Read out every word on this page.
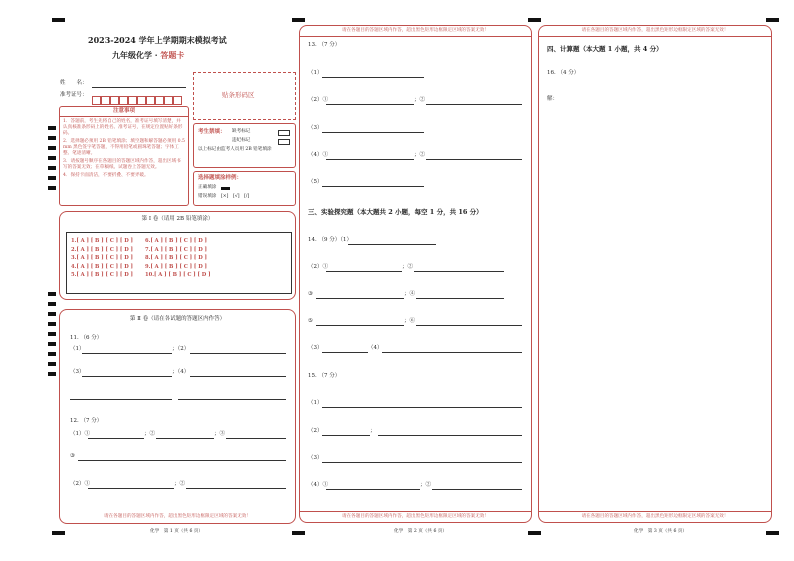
2023-2024 学年上学期期末模拟考试
九年级化学 · 答题卡
姓　　名：
准考证号：	贴条形码区
注意事项
1．答题前，考生先将自己的姓名，准考证号填写清楚，并认真核准条形码上的姓名、准考证号，在规定位置贴好条形码。
2．选择题必须用 2B 铅笔填涂；填空题和解答题必须用 0.5 mm 黑色签字笔答题，不得用铅笔或圆珠笔答题；字体工整、笔迹清晰。
3．请按题号顺序在各题目的答题区域内作答，超出区域书写的答案无效；在草稿纸、试题卷上答题无效。
4．保持卡面清洁，不要折叠、不要弄破。
考生禁填： 缺考标记
违纪标记
以上标记由监考人员用 2B 铅笔填涂
选择题填涂样例：
正确填涂
错误填涂 [×]　[√]　[/]
第 Ⅰ 卷（请用 2B 铅笔填涂）
1.[ A ] [ B ] [ C ] [ D ]
2.[ A ] [ B ] [ C ] [ D ]
3.[ A ] [ B ] [ C ] [ D ]
4.[ A ] [ B ] [ C ] [ D ]
5.[ A ] [ B ] [ C ] [ D ]
6.[ A ] [ B ] [ C ] [ D ]
7.[ A ] [ B ] [ C ] [ D ]
8.[ A ] [ B ] [ C ] [ D ]
9.[ A ] [ B ] [ C ] [ D ]
10.[ A ] [ B ] [ C ] [ D ]
第 Ⅱ 卷（请在各试题的答题区内作答）
11. （6 分）
（1）	；（2）
（3）	；（4）
12. （7 分）
（1）①	；②	；③
③
（2）①	；②
请在各题目的答题区域内作答，超出黑色矩形边框限定区域的答案无效！
化学　第 1 页（共 6 页）
请在各题目的答题区域内作答，超出黑色矩形边框限定区域的答案无效！
13. （7 分）
（1）
（2）①	；②
（3）
（4）①	；②
（5）
三、实验探究题（本大题共 2 小题，每空 1 分，共 16 分）
14. （9 分）（1）
（2）①	；②
③	；④
⑤	；⑥
（3）	（4）
15. （7 分）
（1）
（2）	；
（3）
（4）①	；②
请在各题目的答题区域内作答，超出黑色矩形边框限定区域的答案无效！
化学　第 2 页（共 6 页）
请在各题目的答题区域内作答，超出黑色矩形边框限定区域的答案无效！
四、计算题（本大题 1 小题，共 4 分）
16. （4 分）
解：
请在各题目的答题区域内作答，超出黑色矩形边框限定区域的答案无效！
化学　第 3 页（共 6 页）
